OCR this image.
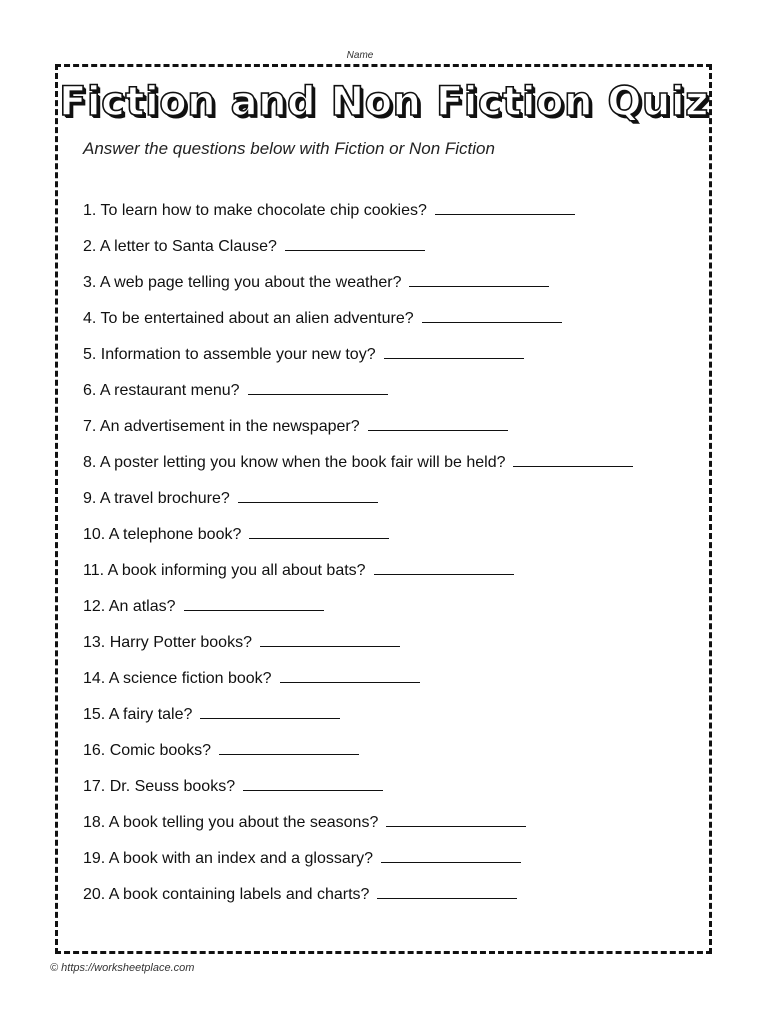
Name
Fiction and Non Fiction Quiz
Answer the questions below with Fiction or Non Fiction
1. To learn how to make chocolate chip cookies?
2. A letter to Santa Clause?
3. A web page telling you about the weather?
4. To be entertained about an alien adventure?
5. Information to assemble your new toy?
6. A restaurant menu?
7. An advertisement in the newspaper?
8. A poster letting you know when the book fair will be held?
9. A travel brochure?
10. A telephone book?
11. A book informing you all about bats?
12. An atlas?
13. Harry Potter books?
14. A science fiction book?
15. A fairy tale?
16. Comic books?
17. Dr. Seuss books?
18. A book telling you about the seasons?
19. A book with an index and a glossary?
20. A book containing labels and charts?
© https://worksheetplace.com
